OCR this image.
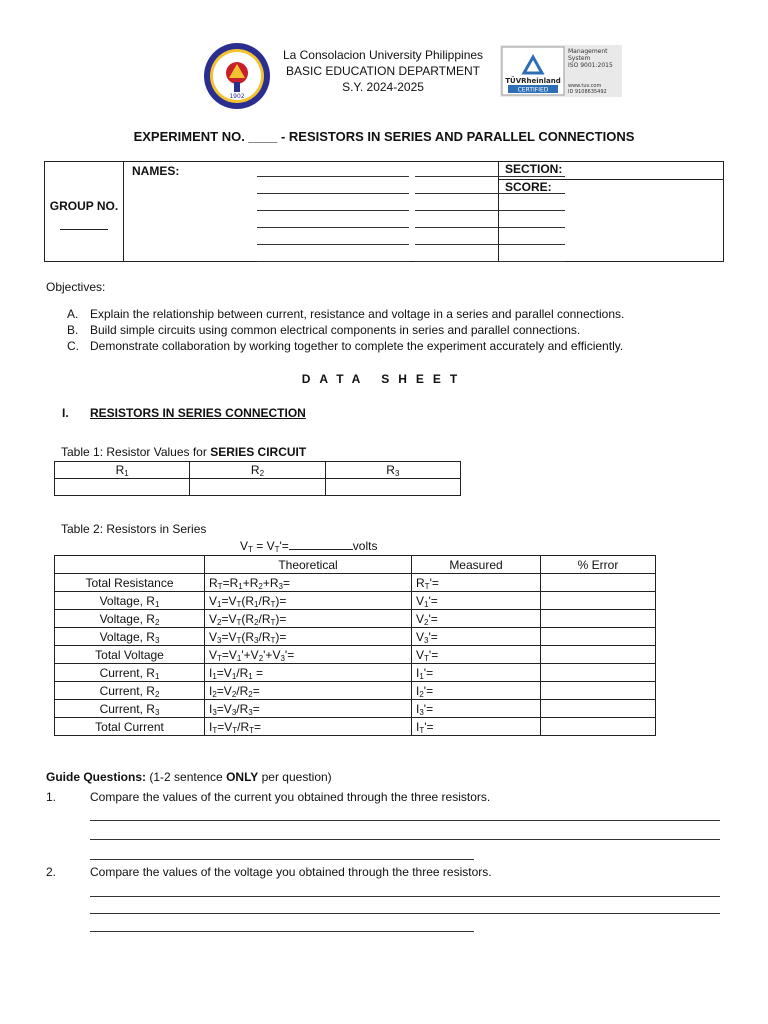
1902
La Consolacion University Philippines
BASIC EDUCATION DEPARTMENT
S.Y. 2024-2025	TÜVRheinland
CERTIFIED
Management
System
ISO 9001:2015
www.tuv.com
ID 9108635492
EXPERIMENT NO. ____ - RESISTORS IN SERIES AND PARALLEL CONNECTIONS
GROUP NO.

NAMES:	SECTION:
SCORE:
Objectives:
A. Explain the relationship between current, resistance and voltage in a series and parallel connections.
B. Build simple circuits using common electrical components in series and parallel connections.
C. Demonstrate collaboration by working together to complete the experiment accurately and efficiently.
DATA SHEET
I. RESISTORS IN SERIES CONNECTION
Table 1: Resistor Values for SERIES CIRCUIT
$R_1$	$R_2$	$R_3$

Table 2: Resistors in Series
$V_T = V_T'=$	volts
	Theoretical	Measured	% Error
Total Resistance	$R_T=R_1+R_2+R_3=$	$R_T'=$	
Voltage, $R_1$	$V_1=V_T(R_1/R_T)=$	$V_1'=$	
Voltage, $R_2$	$V_2=V_T(R_2/R_T)=$	$V_2'=$	
Voltage, $R_3$	$V_3=V_T(R_3/R_T)=$	$V_3'=$	
Total Voltage	$V_T=V_1'+V_2'+V_3'=$	$V_T'=$	
Current, $R_1$	$I_1=V_1/R_1$ =	$I_1'=$	
Current, $R_2$	$I_2=V_2/R_2=$	$I_2'=$	
Current, $R_3$	$I_3=V_3/R_3=$	$I_3'=$	
Total Current	$I_T=V_T/R_T=$	$I_T'=$	
Guide Questions: (1-2 sentence ONLY per question)
1.	Compare the values of the current you obtained through the three resistors.
2.	Compare the values of the voltage you obtained through the three resistors.
